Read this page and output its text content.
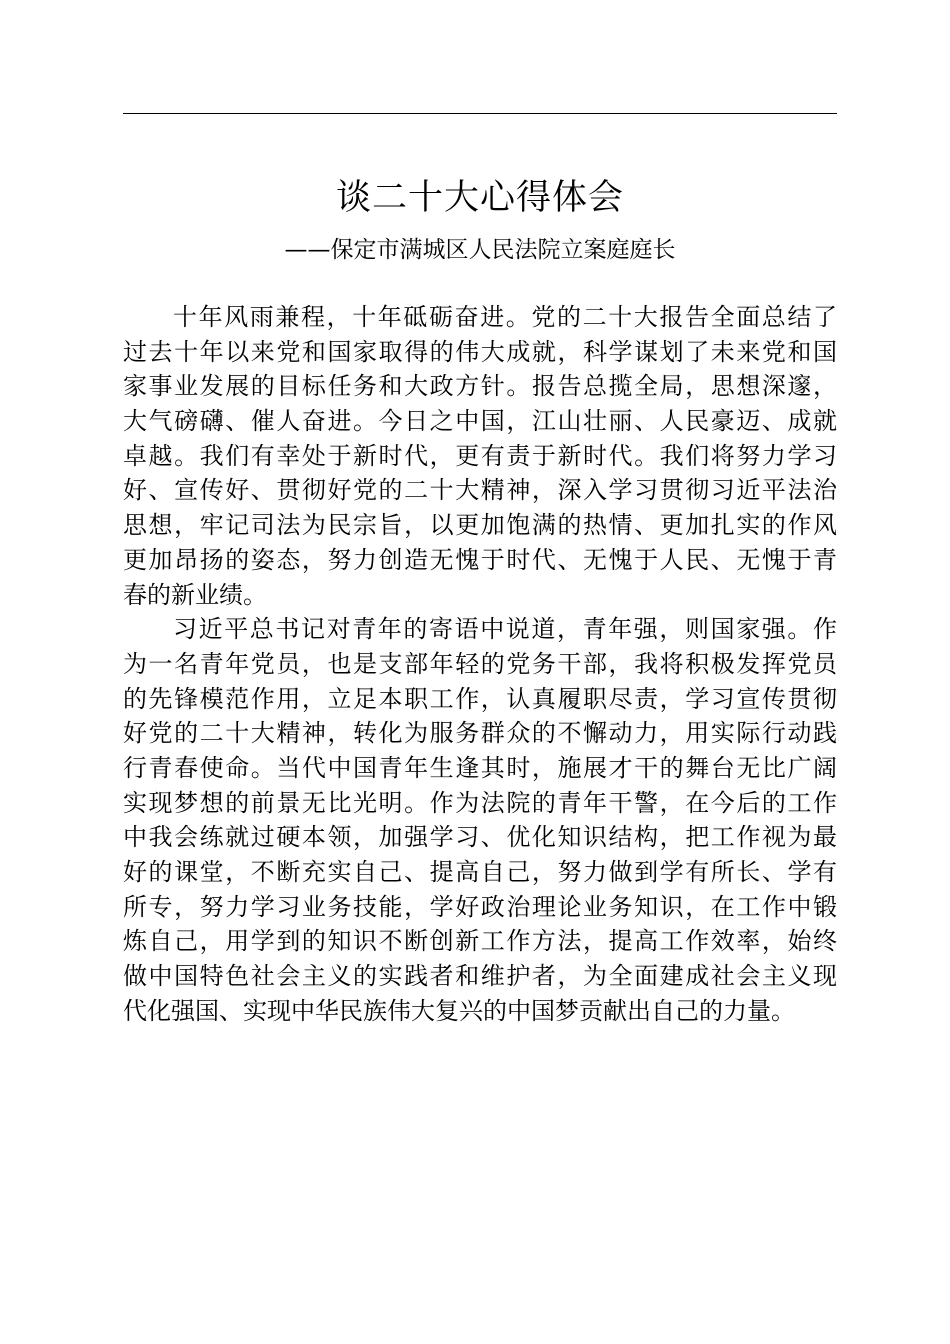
谈二十大心得体会
——保定市满城区人民法院立案庭庭长
十年风雨兼程，十年砥砺奋进。党的二十大报告全面总结了
过去十年以来党和国家取得的伟大成就，科学谋划了未来党和国
家事业发展的目标任务和大政方针。报告总揽全局，思想深邃，
大气磅礴、催人奋进。今日之中国，江山壮丽、人民豪迈、成就
卓越。我们有幸处于新时代，更有责于新时代。我们将努力学习
好、宣传好、贯彻好党的二十大精神，深入学习贯彻习近平法治
思想，牢记司法为民宗旨，以更加饱满的热情、更加扎实的作风
更加昂扬的姿态，努力创造无愧于时代、无愧于人民、无愧于青
春的新业绩。
习近平总书记对青年的寄语中说道，青年强，则国家强。作
为一名青年党员，也是支部年轻的党务干部，我将积极发挥党员
的先锋模范作用，立足本职工作，认真履职尽责，学习宣传贯彻
好党的二十大精神，转化为服务群众的不懈动力，用实际行动践
行青春使命。当代中国青年生逢其时，施展才干的舞台无比广阔
实现梦想的前景无比光明。作为法院的青年干警，在今后的工作
中我会练就过硬本领，加强学习、优化知识结构，把工作视为最
好的课堂，不断充实自己、提高自己，努力做到学有所长、学有
所专，努力学习业务技能，学好政治理论业务知识，在工作中锻
炼自己，用学到的知识不断创新工作方法，提高工作效率，始终
做中国特色社会主义的实践者和维护者，为全面建成社会主义现
代化强国、实现中华民族伟大复兴的中国梦贡献出自己的力量。
